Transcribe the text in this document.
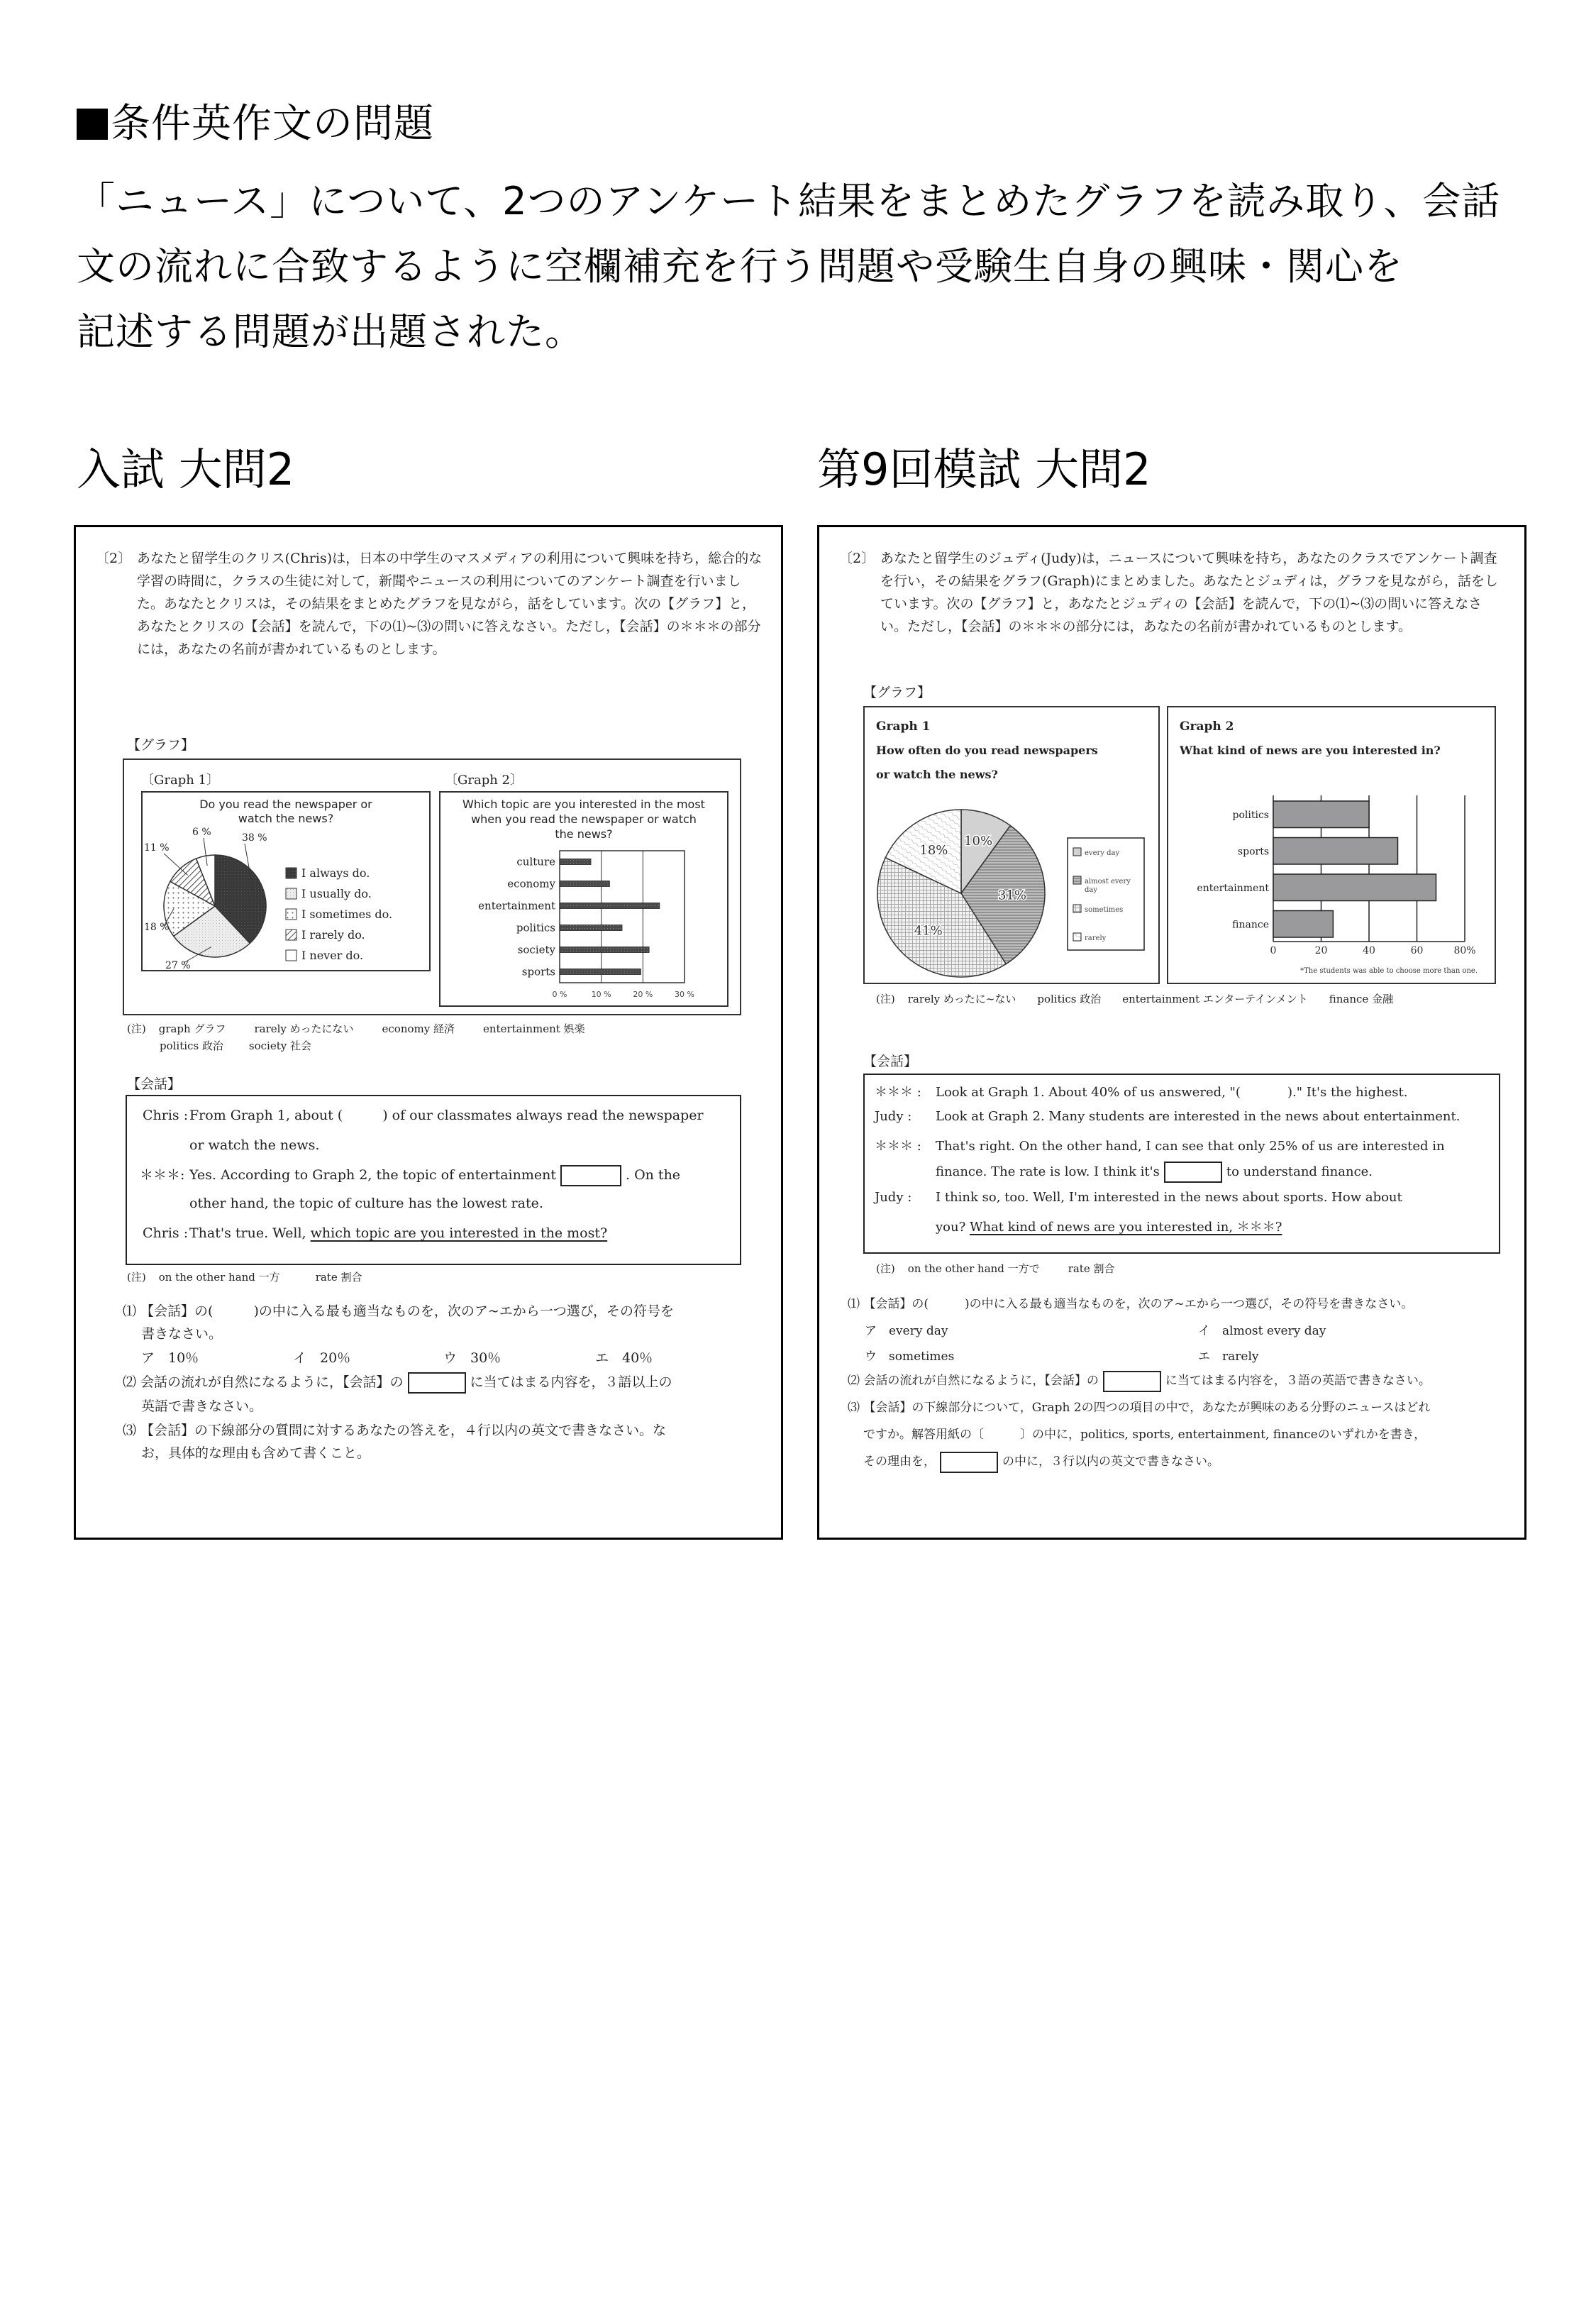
条件英作文の問題
「ニュース」について、2つのアンケート結果をまとめたグラフを読み取り、会話
文の流れに合致するように空欄補充を行う問題や受験生自身の興味・関心を
記述する問題が出題された。
入試 大問2	第9回模試 大問2
〔2〕 あなたと留学生のクリス(Chris)は，日本の中学生のマスメディアの利用について興味を持ち，総合的な学習の時間に，クラスの生徒に対して，新聞やニュースの利用についてのアンケート調査を行いました。あなたとクリスは，その結果をまとめたグラフを見ながら，話をしています。次の【グラフ】と，あなたとクリスの【会話】を読んで，下の⑴~⑶の問いに答えなさい。ただし，【会話】の＊＊＊の部分には，あなたの名前が書かれているものとします。
【グラフ】
〔Graph 1〕	〔Graph 2〕
Do you read the newspaper or
watch the news?
38 %
27 %
18 %
11 %
6 %
I always do.
I usually do.
I sometimes do.
I rarely do.
I never do.
Which topic are you interested in the most
when you read the newspaper or watch
the news?
0 %	10 %	20 %	30 %
culture
economy
entertainment
politics
society
sports
(注) graph グラフ	rarely めったにない	economy 経済	entertainment 娯楽
politics 政治 society 社会
【会話】
Chris :From Graph 1, about (	) of our classmates always read the newspaper
or watch the news.
＊＊＊: Yes. According to Graph 2, the topic of entertainment	. On the
other hand, the topic of culture has the lowest rate.
Chris :That's true. Well, which topic are you interested in the most?
(注) on the other hand 一方	rate 割合
⑴ 【会話】の(　　　)の中に入る最も適当なものを，次のア~エから一つ選び，その符号を
書きなさい。
ア　10％	イ　20％	ウ　30％	エ　40％
⑵ 会話の流れが自然になるように，【会話】の	に当てはまる内容を，３語以上の
英語で書きなさい。
⑶ 【会話】の下線部分の質問に対するあなたの答えを，４行以内の英文で書きなさい。な
お，具体的な理由も含めて書くこと。
〔2〕 あなたと留学生のジュディ(Judy)は，ニュースについて興味を持ち，あなたのクラスでアンケート調査を行い，その結果をグラフ(Graph)にまとめました。あなたとジュディは，グラフを見ながら，話をしています。次の【グラフ】と，あなたとジュディの【会話】を読んで，下の⑴~⑶の問いに答えなさい。ただし，【会話】の＊＊＊の部分には，あなたの名前が書かれているものとします。
【グラフ】
Graph 1
How often do you read newspapers
or watch the news?
10%
31%
41%
18%	every day
almost every
day
sometimes
rarely
Graph 2
What kind of news are you interested in?
0	20	40	60	80%
politics
sports
entertainment
finance
*The students was able to choose more than one.
(注) rarely めったに~ない politics 政治 entertainment エンターテインメント finance 金融
【会話】
＊＊＊ : Look at Graph 1. About 40% of us answered, "(	)." It's the highest.
Judy : Look at Graph 2. Many students are interested in the news about entertainment.
＊＊＊ : That's right. On the other hand, I can see that only 25% of us are interested in
finance. The rate is low. I think it's	to understand finance.
Judy : I think so, too. Well, I'm interested in the news about sports. How about
you? What kind of news are you interested in, ＊＊＊?
(注) on the other hand 一方で	rate 割合
⑴ 【会話】の(　　　)の中に入る最も適当なものを，次のア~エから一つ選び，その符号を書きなさい。
ア　every day	イ　almost every day
ウ　sometimes	エ　rarely
⑵ 会話の流れが自然になるように，【会話】の	に当てはまる内容を，３語の英語で書きなさい。
⑶ 【会話】の下線部分について，Graph 2の四つの項目の中で，あなたが興味のある分野のニュースはどれ
ですか。解答用紙の〔　　　〕の中に，politics, sports, entertainment, financeのいずれかを書き，
その理由を，	の中に，３行以内の英文で書きなさい。
